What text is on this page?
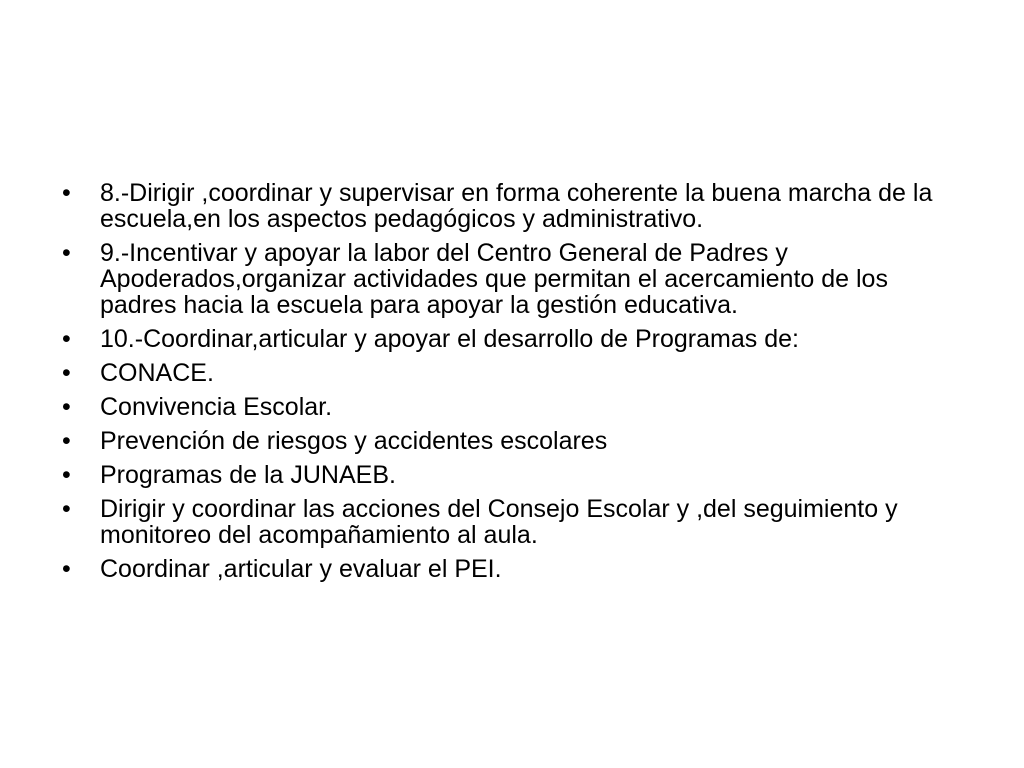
•	8.-Dirigir ,coordinar y supervisar en forma coherente la buena marcha de la escuela,en los aspectos pedagógicos y administrativo.
•	9.-Incentivar y apoyar la labor del Centro General de Padres y Apoderados,organizar actividades que permitan el acercamiento de los padres hacia la escuela para apoyar la gestión educativa.
•	10.-Coordinar,articular y apoyar el desarrollo de Programas de:
•	CONACE.
•	Convivencia Escolar.
•	Prevención de riesgos y accidentes escolares
•	Programas de la JUNAEB.
•	Dirigir y coordinar las acciones del Consejo Escolar y ,del seguimiento y monitoreo del acompañamiento al aula.
•	Coordinar ,articular y evaluar el PEI.
